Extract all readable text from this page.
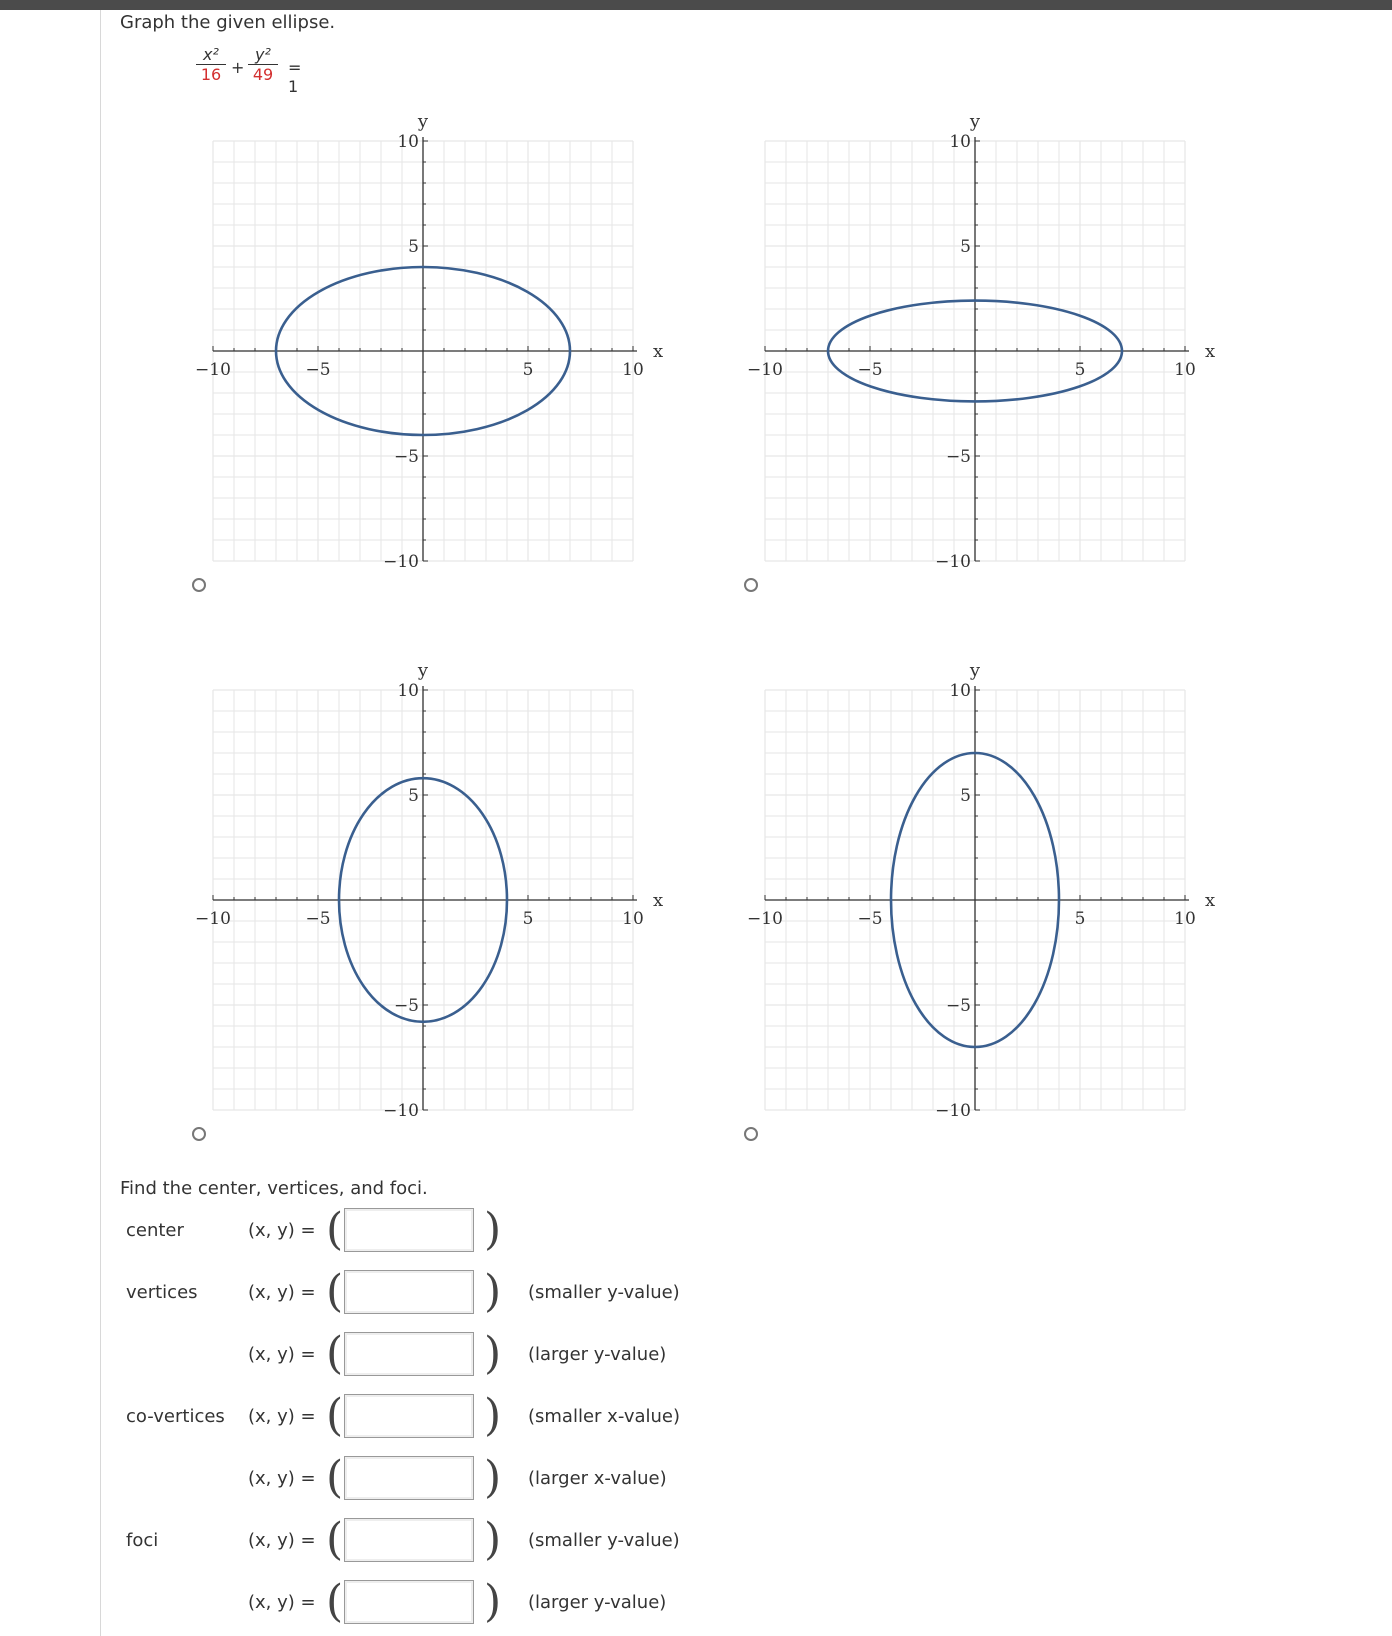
Graph the given ellipse.
$\frac{\text{x²}}{16} + \frac{\text{y²}}{49} = 1$
−10	−5	5	10
10
5
−5
−10
x
y
−10	−5	5	10
10
5
−5
−10
x
y
−10	−5	5	10
10
5
−5
−10
x
y
−10	−5	5	10
10
5
−5
−10
x
y
Find the center, vertices, and foci.
center	(x, y) = (	)
vertices	(x, y) = (	) (smaller y-value)
(x, y) = (	) (larger y-value)
co-vertices (x, y) = (	) (smaller x-value)
(x, y) = (	) (larger x-value)
foci	(x, y) = (	) (smaller y-value)
(x, y) = (	) (larger y-value)
